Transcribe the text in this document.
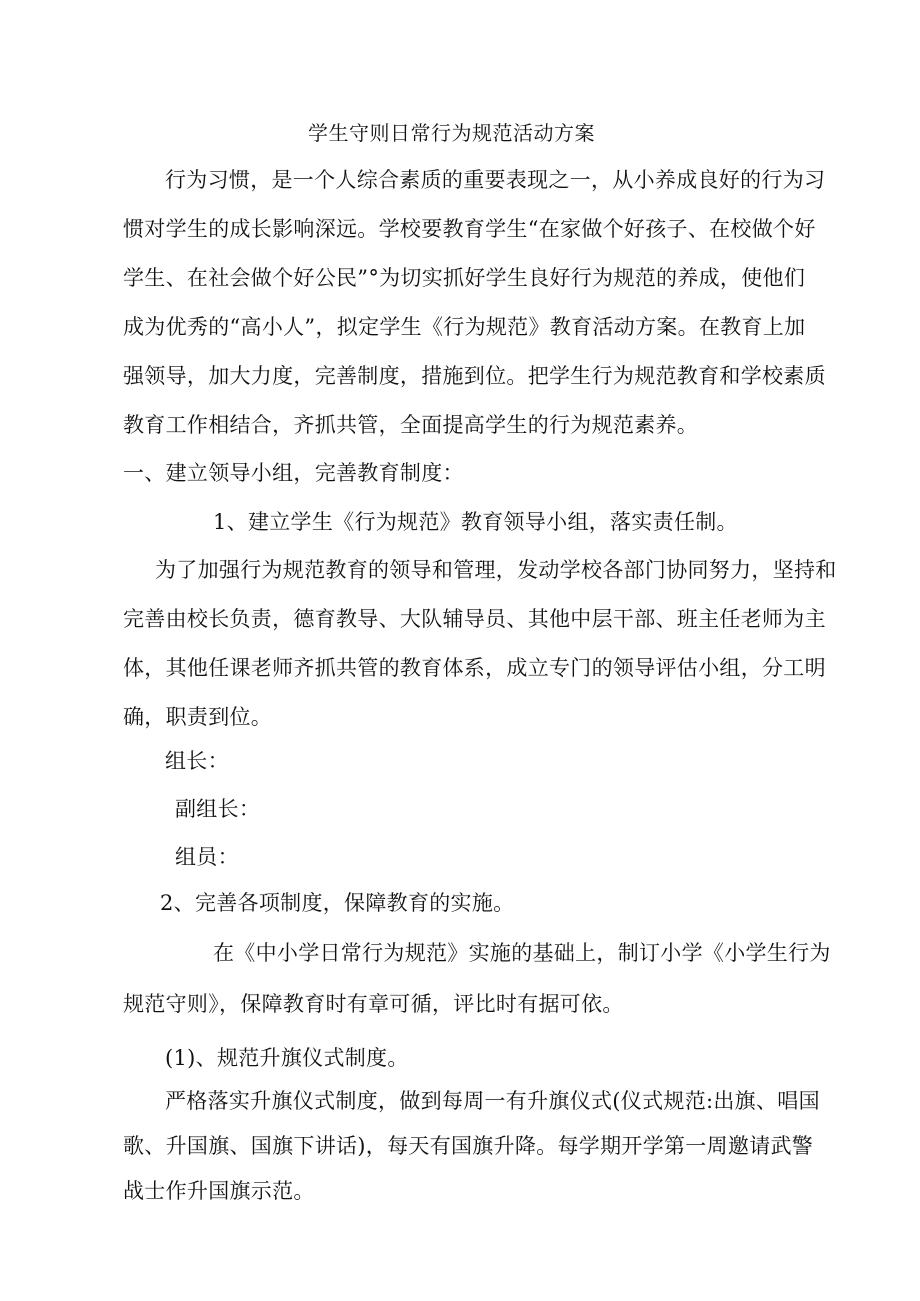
学生守则日常行为规范活动方案
行为习惯，是一个人综合素质的重要表现之一，从小养成良好的行为习
惯对学生的成长影响深远。学校要教育学生“在家做个好孩子、在校做个好
学生、在社会做个好公民”°为切实抓好学生良好行为规范的养成，使他们
成为优秀的“高小人”，拟定学生《行为规范》教育活动方案。在教育上加
强领导，加大力度，完善制度，措施到位。把学生行为规范教育和学校素质
教育工作相结合，齐抓共管，全面提高学生的行为规范素养。
一、建立领导小组，完善教育制度：
1、建立学生《行为规范》教育领导小组，落实责任制。
为了加强行为规范教育的领导和管理，发动学校各部门协同努力，坚持和
完善由校长负责，德育教导、大队辅导员、其他中层干部、班主任老师为主
体，其他任课老师齐抓共管的教育体系，成立专门的领导评估小组，分工明
确，职责到位。
组长：
副组长：
组员：
2、完善各项制度，保障教育的实施。
在《中小学日常行为规范》实施的基础上，制订小学《小学生行为
规范守则》，保障教育时有章可循，评比时有据可依。
(1)、规范升旗仪式制度。
严格落实升旗仪式制度，做到每周一有升旗仪式(仪式规范:出旗、唱国
歌、升国旗、国旗下讲话)，每天有国旗升降。每学期开学第一周邀请武警
战士作升国旗示范。
